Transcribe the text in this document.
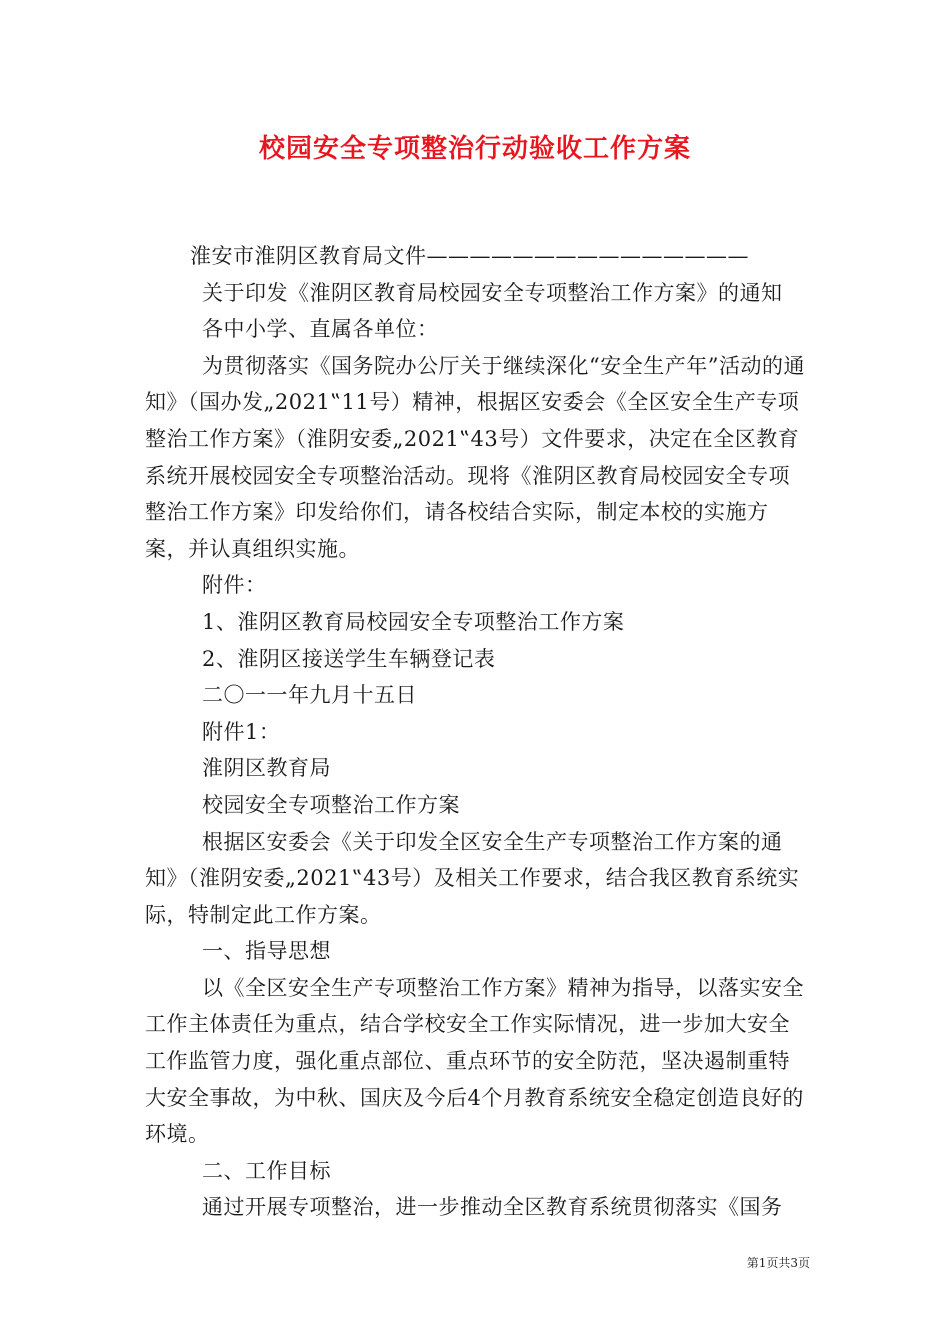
校园安全专项整治行动验收工作方案

淮安市淮阴区教育局文件———————————————

关于印发《淮阴区教育局校园安全专项整治工作方案》的通知

各中小学、直属各单位：

为贯彻落实《国务院办公厅关于继续深化“安全生产年”活动的通知》（国办发„2021‟11号）精神，根据区安委会《全区安全生产专项整治工作方案》（淮阴安委„2021‟43号）文件要求，决定在全区教育系统开展校园安全专项整治活动。现将《淮阴区教育局校园安全专项整治工作方案》印发给你们，请各校结合实际，制定本校的实施方案，并认真组织实施。

附件：

1、淮阴区教育局校园安全专项整治工作方案

2、淮阴区接送学生车辆登记表

二〇一一年九月十五日

附件1：

淮阴区教育局

校园安全专项整治工作方案

根据区安委会《关于印发全区安全生产专项整治工作方案的通知》（淮阴安委„2021‟43号）及相关工作要求，结合我区教育系统实际，特制定此工作方案。

一、指导思想

以《全区安全生产专项整治工作方案》精神为指导，以落实安全工作主体责任为重点，结合学校安全工作实际情况，进一步加大安全工作监管力度，强化重点部位、重点环节的安全防范，坚决遏制重特大安全事故，为中秋、国庆及今后4个月教育系统安全稳定创造良好的环境。

二、工作目标

通过开展专项整治，进一步推动全区教育系统贯彻落实《国务

第1页共3页
